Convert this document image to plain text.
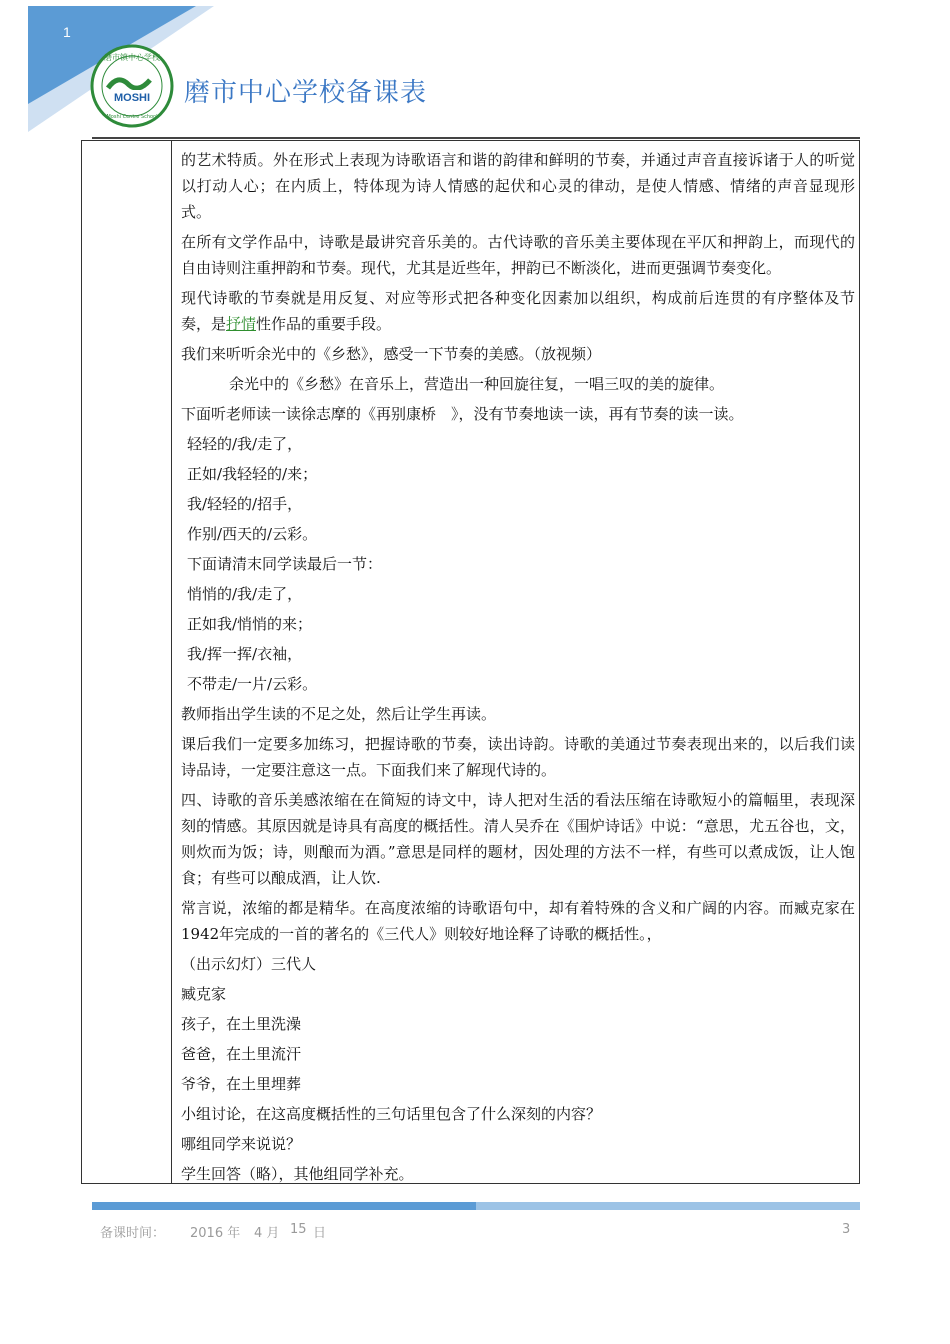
1
MOSHI
磨市镇中心学校
Moshi Centre School
磨市中心学校备课表

的艺术特质。外在形式上表现为诗歌语言和谐的韵律和鲜明的节奏，并通过声音直接诉诸于人的听觉以打动人心；在内质上，特体现为诗人情感的起伏和心灵的律动，是使人情感、情绪的声音显现形式。

在所有文学作品中，诗歌是最讲究音乐美的。古代诗歌的音乐美主要体现在平仄和押韵上，而现代的自由诗则注重押韵和节奏。现代，尤其是近些年，押韵已不断淡化，进而更强调节奏变化。

现代诗歌的节奏就是用反复、对应等形式把各种变化因素加以组织，构成前后连贯的有序整体及节奏，是抒情性作品的重要手段。

我们来听听余光中的《乡愁》，感受一下节奏的美感。（放视频）

余光中的《乡愁》在音乐上，营造出一种回旋往复，一唱三叹的美的旋律。

下面听老师读一读徐志摩的《再别康桥　》，没有节奏地读一读，再有节奏的读一读。

轻轻的/我/走了，

正如/我轻轻的/来；

我/轻轻的/招手，

作别/西天的/云彩。

下面请清末同学读最后一节：

悄悄的/我/走了，

正如我/悄悄的来；

我/挥一挥/衣袖，

不带走/一片/云彩。

教师指出学生读的不足之处，然后让学生再读。

课后我们一定要多加练习，把握诗歌的节奏，读出诗韵。诗歌的美通过节奏表现出来的，以后我们读诗品诗，一定要注意这一点。下面我们来了解现代诗的。

四、诗歌的音乐美感浓缩在在简短的诗文中，诗人把对生活的看法压缩在诗歌短小的篇幅里，表现深刻的情感。其原因就是诗具有高度的概括性。清人吴乔在《围炉诗话》中说：“意思，尤五谷也，文，则炊而为饭；诗，则酿而为酒。”意思是同样的题材，因处理的方法不一样，有些可以煮成饭，让人饱食；有些可以酿成酒，让人饮.

常言说，浓缩的都是精华。在高度浓缩的诗歌语句中，却有着特殊的含义和广阔的内容。而臧克家在1942年完成的一首的著名的《三代人》则较好地诠释了诗歌的概括性。，

（出示幻灯）三代人

臧克家

孩子，在土里洗澡

爸爸，在土里流汗

爷爷，在土里埋葬

小组讨论，在这高度概括性的三句话里包含了什么深刻的内容？

哪组同学来说说？

学生回答（略），其他组同学补充。

备课时间： 2016 年 4 月 15 日	3
